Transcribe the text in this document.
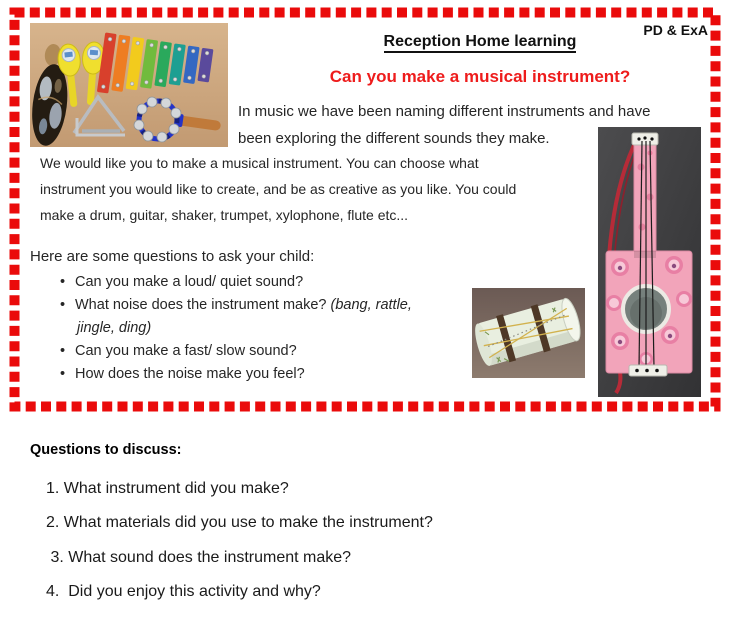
PD & ExA
Reception Home learning
Can you make a musical instrument?
In music we have been naming different instruments and have
been exploring the different sounds they make.
We would like you to make a musical instrument. You can choose what
instrument you would like to create, and be as creative as you like. You could
make a drum, guitar, shaker, trumpet, xylophone, flute etc...
Here are some questions to ask your child:
• Can you make a loud/ quiet sound?
• What noise does the instrument make? (bang, rattle,
jingle, ding)
• Can you make a fast/ slow sound?
• How does the noise make you feel?
Questions to discuss:
1. What instrument did you make?
2. What materials did you use to make the instrument?
3. What sound does the instrument make?
4.  Did you enjoy this activity and why?
